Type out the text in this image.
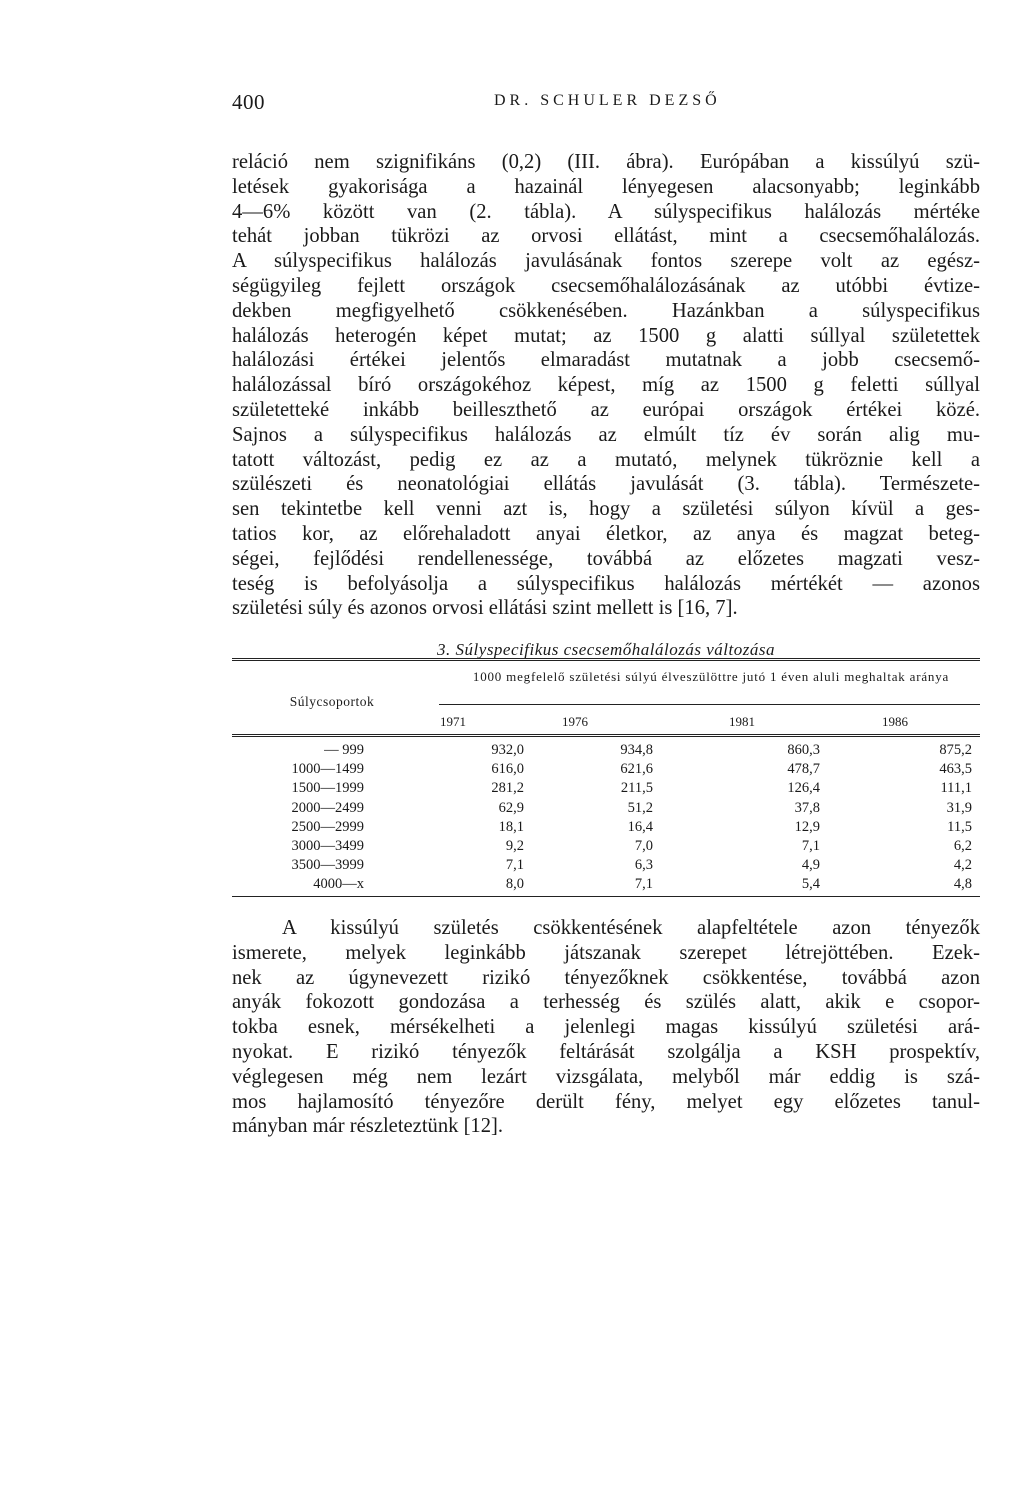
400	DR. SCHULER DEZSŐ
reláció nem szignifikáns (0,2) (III. ábra). Európában a kissúlyú szü-
letések gyakorisága a hazainál lényegesen alacsonyabb; leginkább
4—6% között van (2. tábla). A súlyspecifikus halálozás mértéke
tehát jobban tükrözi az orvosi ellátást, mint a csecsemőhalálozás.
A súlyspecifikus halálozás javulásának fontos szerepe volt az egész-
ségügyileg fejlett országok csecsemőhalálozásának az utóbbi évtize-
dekben megfigyelhető csökkenésében. Hazánkban a súlyspecifikus
halálozás heterogén képet mutat; az 1500 g alatti súllyal születettek
halálozási értékei jelentős elmaradást mutatnak a jobb csecsemő-
halálozással bíró országokéhoz képest, míg az 1500 g feletti súllyal
születetteké inkább beilleszthető az európai országok értékei közé.
Sajnos a súlyspecifikus halálozás az elmúlt tíz év során alig mu-
tatott változást, pedig ez az a mutató, melynek tükröznie kell a
szülészeti és neonatológiai ellátás javulását (3. tábla). Természete-
sen tekintetbe kell venni azt is, hogy a születési súlyon kívül a ges-
tatios kor, az előrehaladott anyai életkor, az anya és magzat beteg-
ségei, fejlődési rendellenessége, továbbá az előzetes magzati vesz-
teség is befolyásolja a súlyspecifikus halálozás mértékét — azonos
születési súly és azonos orvosi ellátási szint mellett is [16, 7].
3. Súlyspecifikus csecsemőhalálozás változása
1000 megfelelő születési súlyú élveszülöttre jutó 1 éven aluli meghaltak aránya
Súlycsoportok
1971	1976	1981	1986
— 999	932,0	934,8	860,3	875,2
1000—1499	616,0	621,6	478,7	463,5
1500—1999	281,2	211,5	126,4	111,1
2000—2499	62,9	51,2	37,8	31,9
2500—2999	18,1	16,4	12,9	11,5
3000—3499	9,2	7,0	7,1	6,2
3500—3999	7,1	6,3	4,9	4,2
4000—x	8,0	7,1	5,4	4,8
A kissúlyú születés csökkentésének alapfeltétele azon tényezők
ismerete, melyek leginkább játszanak szerepet létrejöttében. Ezek-
nek az úgynevezett rizikó tényezőknek csökkentése, továbbá azon
anyák fokozott gondozása a terhesség és szülés alatt, akik e csopor-
tokba esnek, mérsékelheti a jelenlegi magas kissúlyú születési ará-
nyokat. E rizikó tényezők feltárását szolgálja a KSH prospektív,
véglegesen még nem lezárt vizsgálata, melyből már eddig is szá-
mos hajlamosító tényezőre derült fény, melyet egy előzetes tanul-
mányban már részleteztünk [12].
